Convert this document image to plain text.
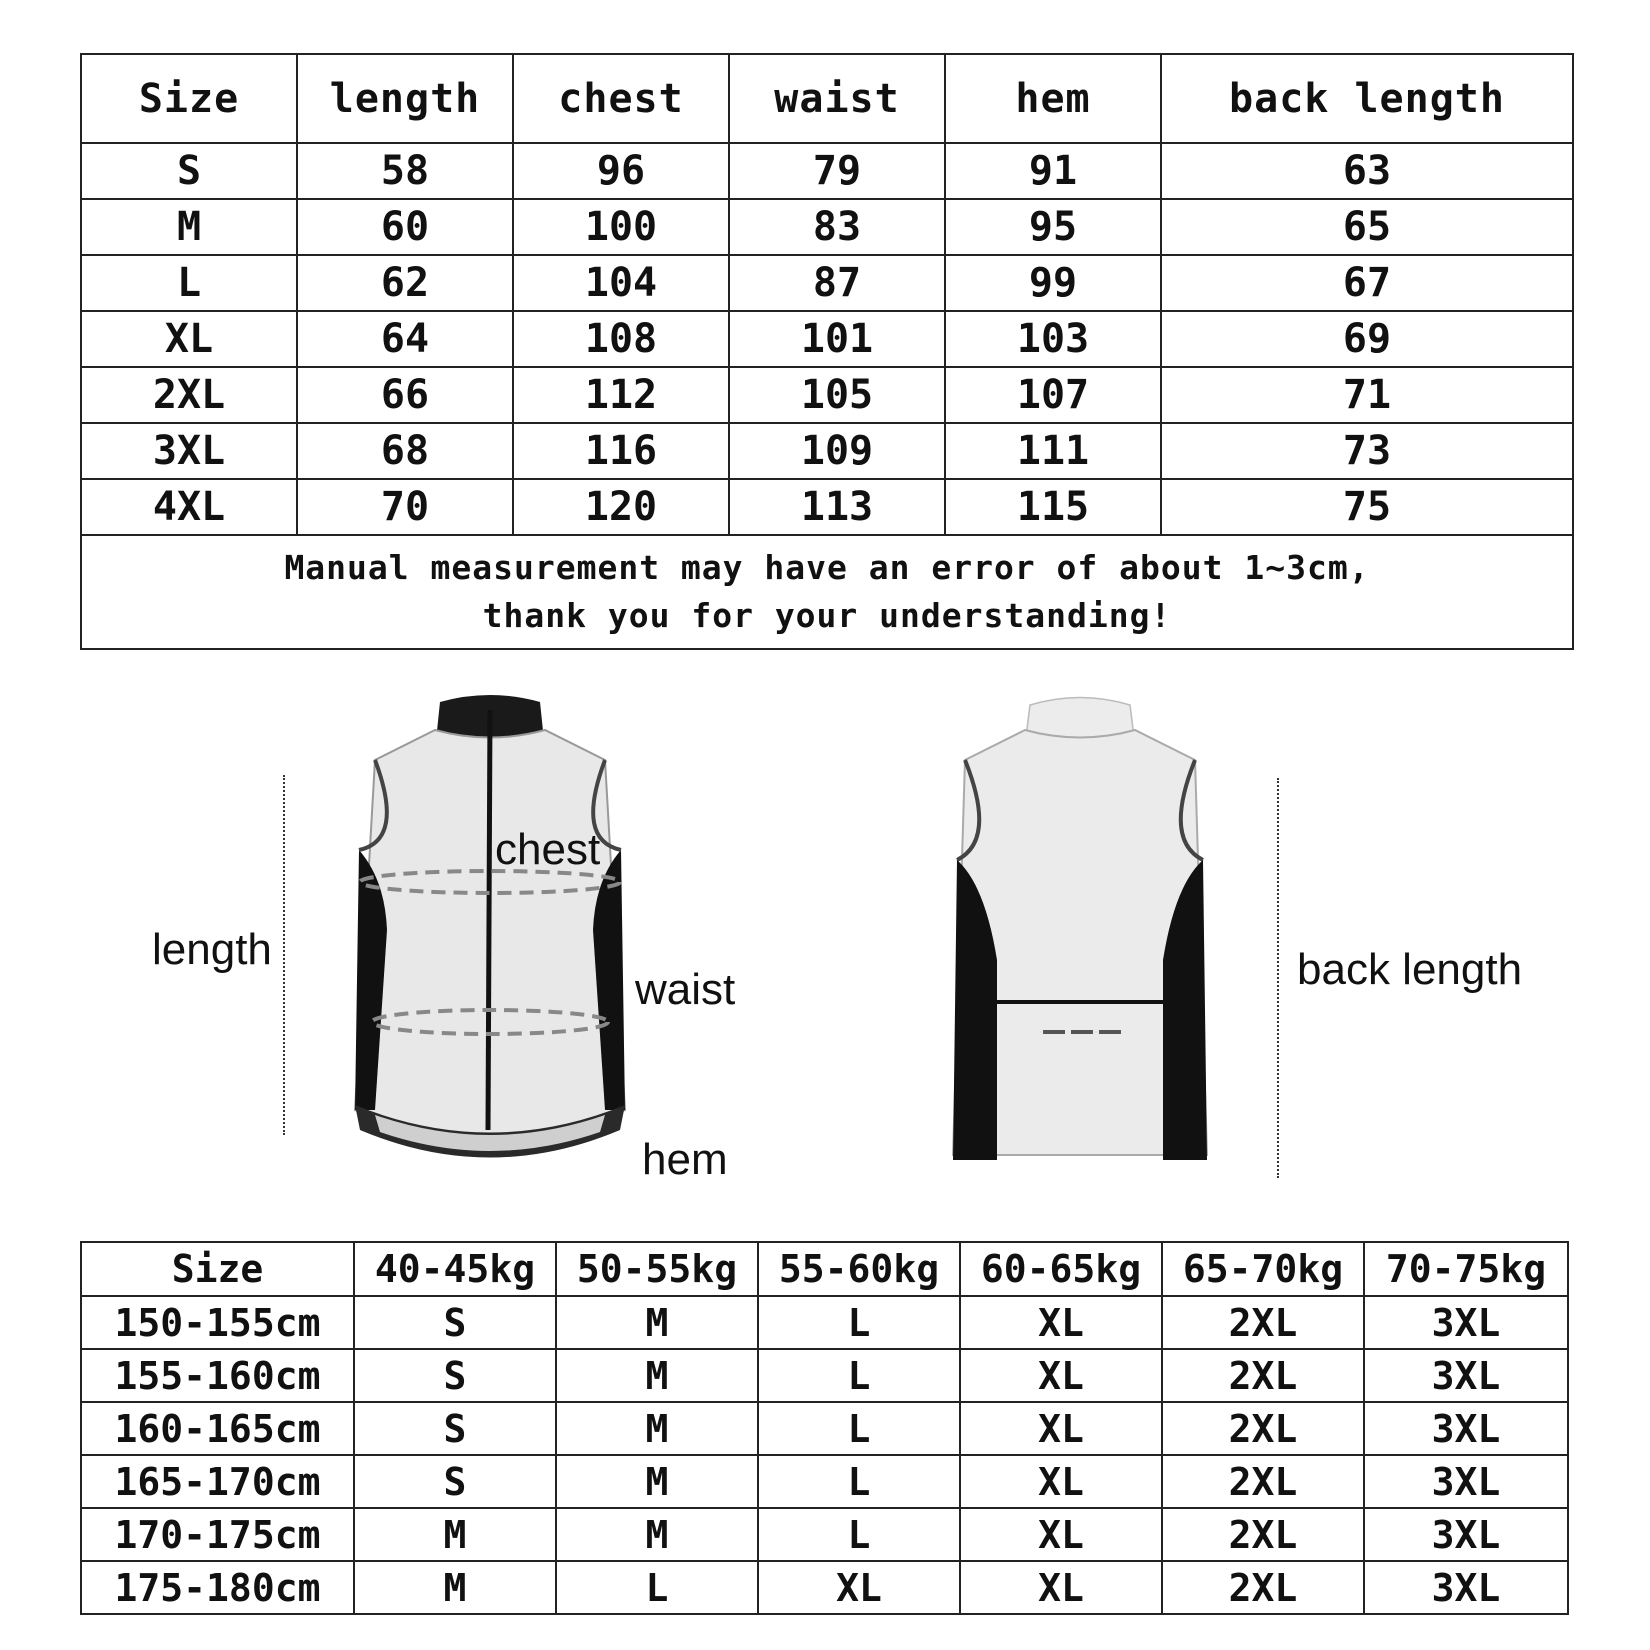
Size	length	chest	waist	hem	back length
S	58	96	79	91	63
M	60	100	83	95	65
L	62	104	87	99	67
XL	64	108	101	103	69
2XL	66	112	105	107	71
3XL	68	116	109	111	73
4XL	70	120	113	115	75

Manual measurement may have an error of about 1~3cm,
thank you for your understanding!					
chest
length
waist
hem
back length
Size	40-45kg	50-55kg	55-60kg	60-65kg	65-70kg	70-75kg
150-155cm	S	M	L	XL	2XL	3XL
155-160cm	S	M	L	XL	2XL	3XL
160-165cm	S	M	L	XL	2XL	3XL
165-170cm	S	M	L	XL	2XL	3XL
170-175cm	M	M	L	XL	2XL	3XL
175-180cm	M	L	XL	XL	2XL	3XL
